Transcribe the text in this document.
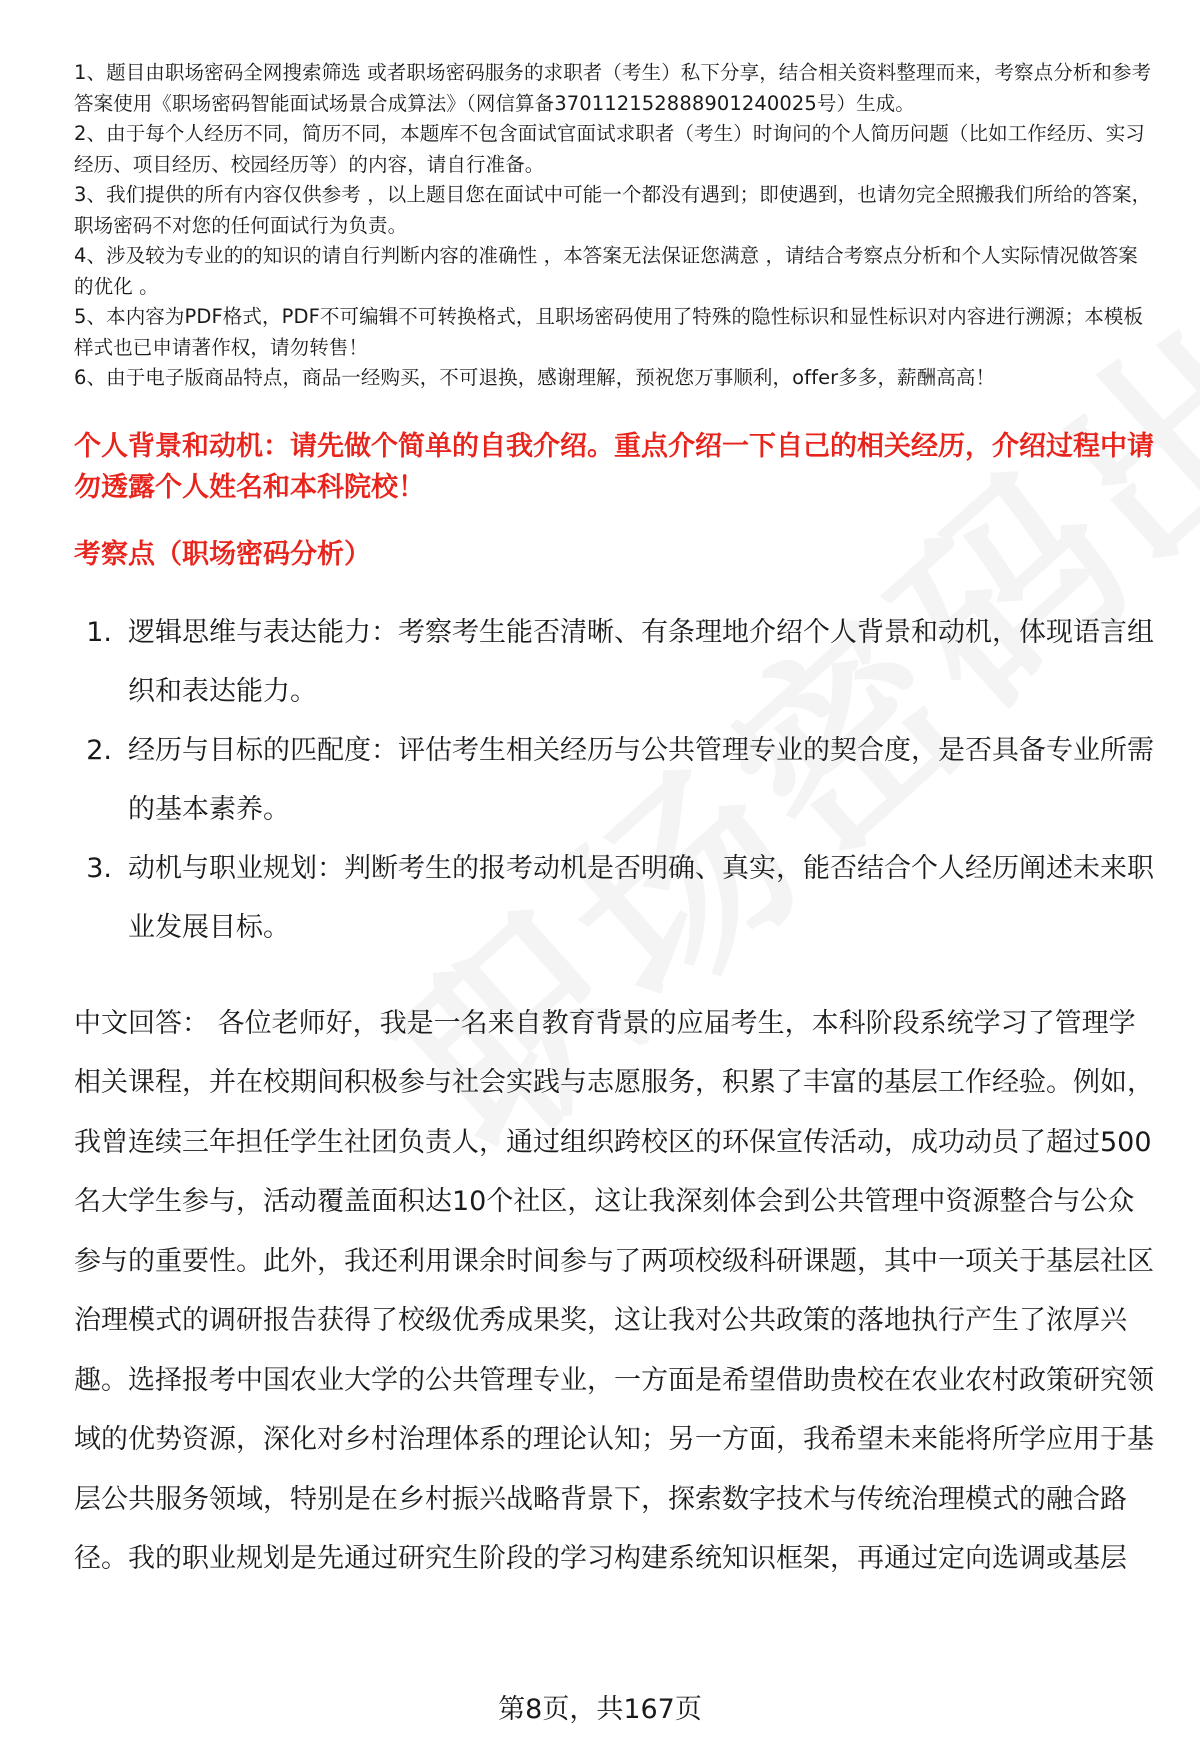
1、题目由职场密码全网搜索筛选 或者职场密码服务的求职者（考生）私下分享，结合相关资料整理而来，考察点分析和参考答案使用《职场密码智能面试场景合成算法》（网信算备370112152888901240025号）生成。

2、由于每个人经历不同，简历不同，本题库不包含面试官面试求职者（考生）时询问的个人简历问题（比如工作经历、实习经历、项目经历、校园经历等）的内容，请自行准备。

3、我们提供的所有内容仅供参考 ，以上题目您在面试中可能一个都没有遇到；即使遇到，也请勿完全照搬我们所给的答案，职场密码不对您的任何面试行为负责。

4、涉及较为专业的的知识的请自行判断内容的准确性 ，本答案无法保证您满意 ，请结合考察点分析和个人实际情况做答案的优化 。

5、本内容为PDF格式，PDF不可编辑不可转换格式，且职场密码使用了特殊的隐性标识和显性标识对内容进行溯源；本模板样式也已申请著作权，请勿转售！

6、由于电子版商品特点，商品一经购买，不可退换，感谢理解，预祝您万事顺利，offer多多，薪酬高高！

个人背景和动机：请先做个简单的自我介绍。重点介绍一下自己的相关经历，介绍过程中请勿透露个人姓名和本科院校！
考察点（职场密码分析）
1. 逻辑思维与表达能力：考察考生能否清晰、有条理地介绍个人背景和动机，体现语言组织和表达能力。
2. 经历与目标的匹配度：评估考生相关经历与公共管理专业的契合度，是否具备专业所需的基本素养。
3. 动机与职业规划：判断考生的报考动机是否明确、真实，能否结合个人经历阐述未来职业发展目标。
中文回答： 各位老师好，我是一名来自教育背景的应届考生，本科阶段系统学习了管理学相关课程，并在校期间积极参与社会实践与志愿服务，积累了丰富的基层工作经验。例如，我曾连续三年担任学生社团负责人，通过组织跨校区的环保宣传活动，成功动员了超过500名大学生参与，活动覆盖面积达10个社区，这让我深刻体会到公共管理中资源整合与公众参与的重要性。此外，我还利用课余时间参与了两项校级科研课题，其中一项关于基层社区治理模式的调研报告获得了校级优秀成果奖，这让我对公共政策的落地执行产生了浓厚兴趣。选择报考中国农业大学的公共管理专业，一方面是希望借助贵校在农业农村政策研究领域的优势资源，深化对乡村治理体系的理论认知；另一方面，我希望未来能将所学应用于基层公共服务领域，特别是在乡村振兴战略背景下，探索数字技术与传统治理模式的融合路径。我的职业规划是先通过研究生阶段的学习构建系统知识框架，再通过定向选调或基层
第8页，共167页
